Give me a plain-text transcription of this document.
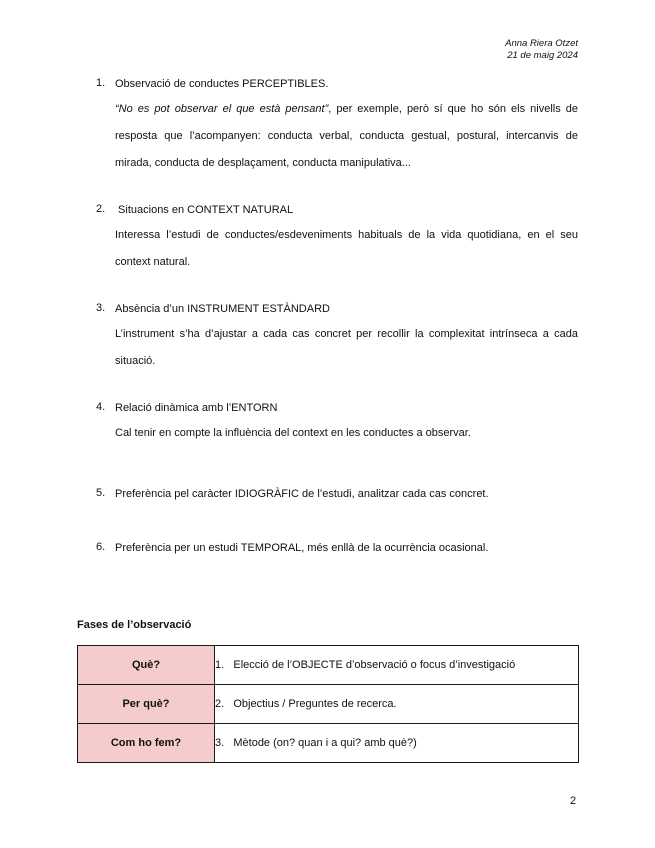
Anna Riera Otzet
21 de maig 2024
1. Observació de conductes PERCEPTIBLES.
“No es pot observar el que està pensant”, per exemple, però sí que ho són els nivells de resposta que l’acompanyen: conducta verbal, conducta gestual, postural, intercanvis de mirada, conducta de desplaçament, conducta manipulativa...
2. Situacions en CONTEXT NATURAL
Interessa l’estudi de conductes/esdeveniments habituals de la vida quotidiana, en el seu context natural.
3. Absència d’un INSTRUMENT ESTÀNDARD
L’instrument s’ha d’ajustar a cada cas concret per recollir la complexitat intrínseca a cada situació.
4. Relació dinàmica amb l’ENTORN
Cal tenir en compte la influència del context en les conductes a observar.
5. Preferència pel caràcter IDIOGRÀFIC de l’estudi, analitzar cada cas concret.
6. Preferència per un estudi TEMPORAL, més enllà de la ocurrència ocasional.
Fases de l’observació
Què?	1. Elecció de l’OBJECTE d’observació o focus d’investigació
Per què?	2. Objectius / Preguntes de recerca.
Com ho fem?	3. Mètode (on? quan i a qui? amb què?)
2
